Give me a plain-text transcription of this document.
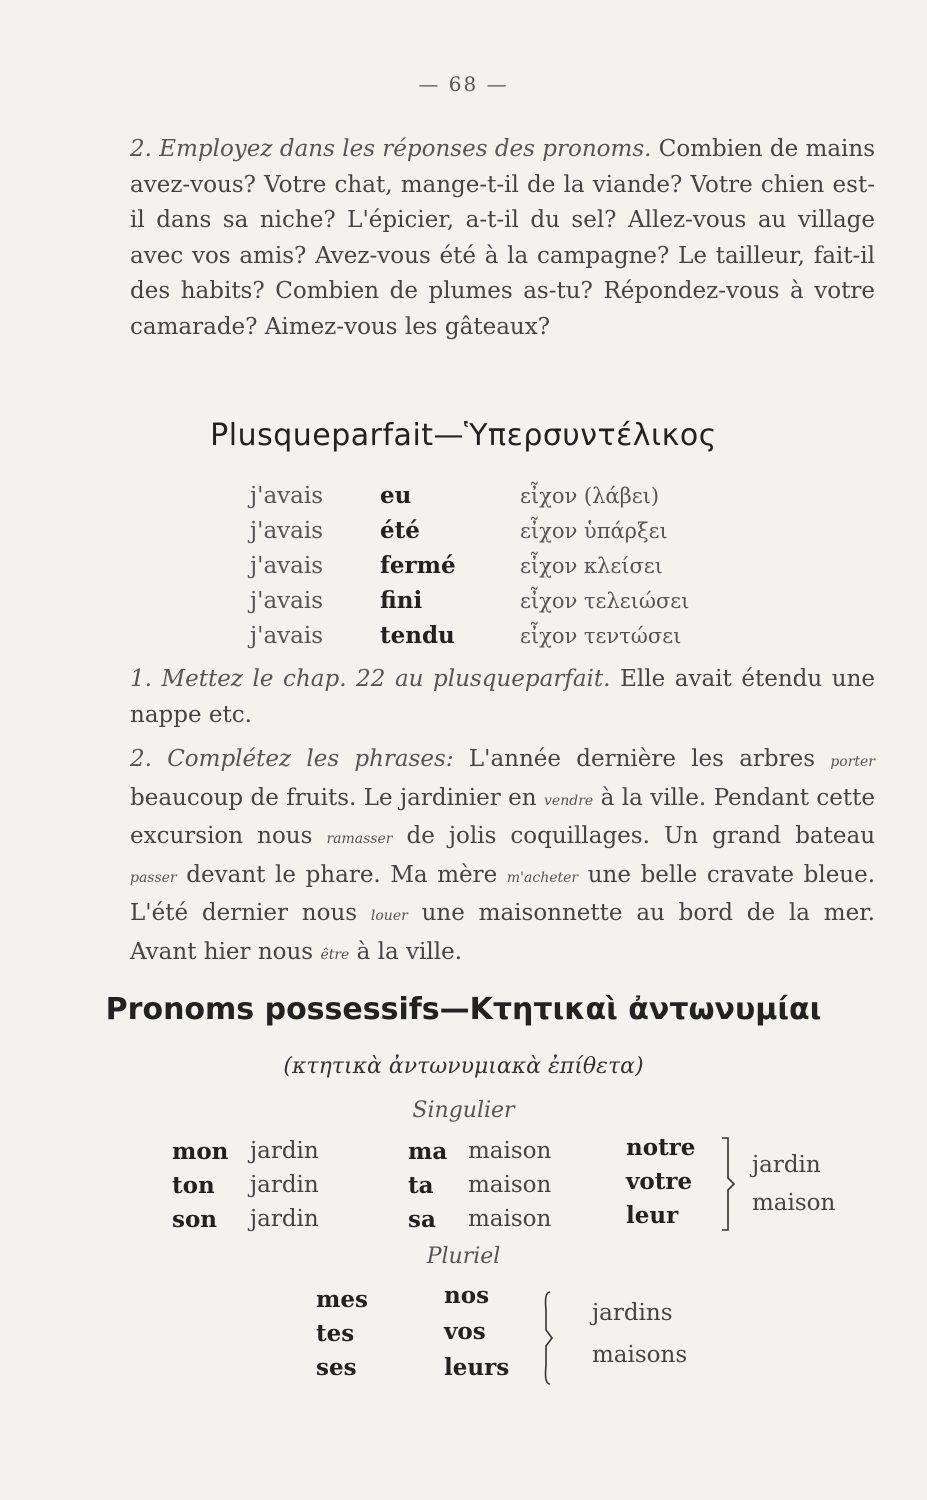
— 68 —

2. Employez dans les réponses des pronoms. Combien de mains avez-vous? Votre chat, mange-t-il de la viande? Votre chien est-il dans sa niche? L'épicier, a-t-il du sel? Allez-vous au village avec vos amis? Avez-vous été à la campagne? Le tailleur, fait-il des habits? Combien de plumes as-tu? Répondez-vous à votre camarade? Aimez-vous les gâteaux?

Plusqueparfait—Ὑπερσυντέλικος
j'avais	eu	εἶχον (λάβει)
j'avais	été	εἶχον ὑπάρξει
j'avais	fermé	εἶχον κλείσει
j'avais	fini	εἶχον τελειώσει
j'avais	tendu	εἶχον τεντώσει

1. Mettez le chap. 22 au plusqueparfait. Elle avait étendu une nappe etc.

2. Complétez les phrases: L'année dernière les arbres porter beaucoup de fruits. Le jardinier en vendre à la ville. Pendant cette excursion nous ramasser de jolis coquillages. Un grand bateau passer devant le phare. Ma mère m'acheter une belle cravate bleue. L'été dernier nous louer une maisonnette au bord de la mer. Avant hier nous être à la ville.

Pronoms possessifs—Κτητικαὶ ἀντωνυμίαι
(κτητικὰ ἀντωνυμιακὰ ἐπίθετα)
Singulier
mon jardin	ma maison	notre
ton jardin	ta maison	votre
son jardin	sa maison	leur
jardin
maison
Pluriel
mes	nos
tes	vos
ses	leurs
jardins
maisons
